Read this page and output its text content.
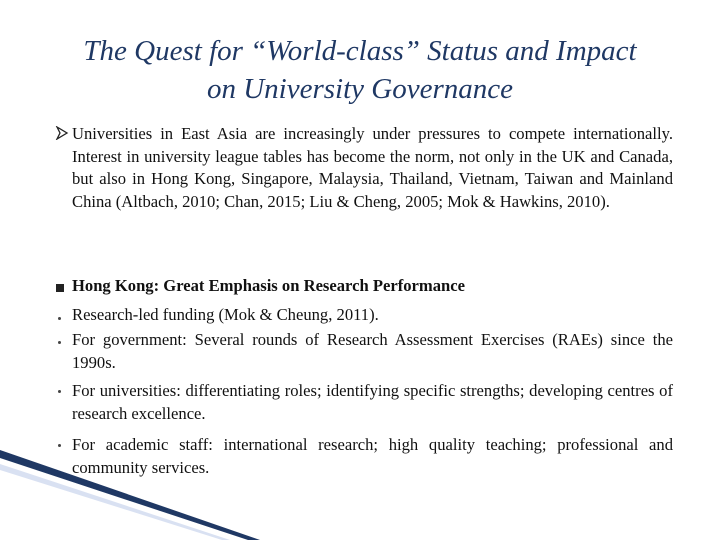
The Quest for “World-class” Status and Impact
on University Governance
Universities in East Asia are increasingly under pressures to compete internationally. Interest in university league tables has become the norm, not only in the UK and Canada, but also in Hong Kong, Singapore, Malaysia, Thailand, Vietnam, Taiwan and Mainland China (Altbach, 2010; Chan, 2015; Liu & Cheng, 2005; Mok & Hawkins, 2010).
Hong Kong: Great Emphasis on Research Performance
Research-led funding (Mok & Cheung, 2011).
For government: Several rounds of Research Assessment Exercises (RAEs) since the 1990s.
For universities: differentiating roles; identifying specific strengths; developing centres of research excellence.
For academic staff: international research; high quality teaching; professional and community services.
